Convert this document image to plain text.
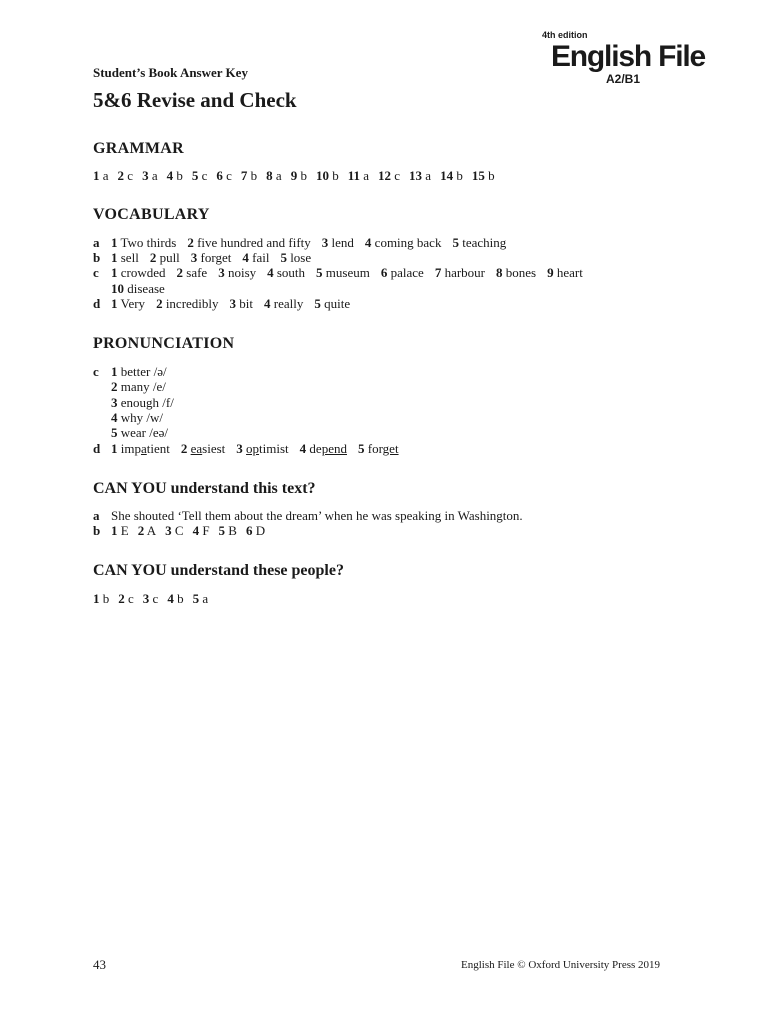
4th edition
English File
A2/B1
Student’s Book Answer Key
5&6 Revise and Check
GRAMMAR
1 a 2 c 3 a 4 b 5 c 6 c 7 b 8 a 9 b 10 b 11 a 12 c 13 a 14 b 15 b
VOCABULARY
a 1 Two thirds 2 five hundred and fifty 3 lend 4 coming back 5 teaching
b 1 sell 2 pull 3 forget 4 fail 5 lose
c 1 crowded 2 safe 3 noisy 4 south 5 museum 6 palace 7 harbour 8 bones 9 heart
10 disease
d 1 Very 2 incredibly 3 bit 4 really 5 quite
PRONUNCIATION
c 1 better /ə/
2 many /e/
3 enough /f/
4 why /w/
5 wear /eə/
d 1 impatient 2 easiest 3 optimist 4 depend 5 forget
CAN YOU understand this text?
a She shouted ‘Tell them about the dream’ when he was speaking in Washington.
b 1 E 2 A 3 C 4 F 5 B 6 D
CAN YOU understand these people?
1 b 2 c 3 c 4 b 5 a
43	English File © Oxford University Press 2019
